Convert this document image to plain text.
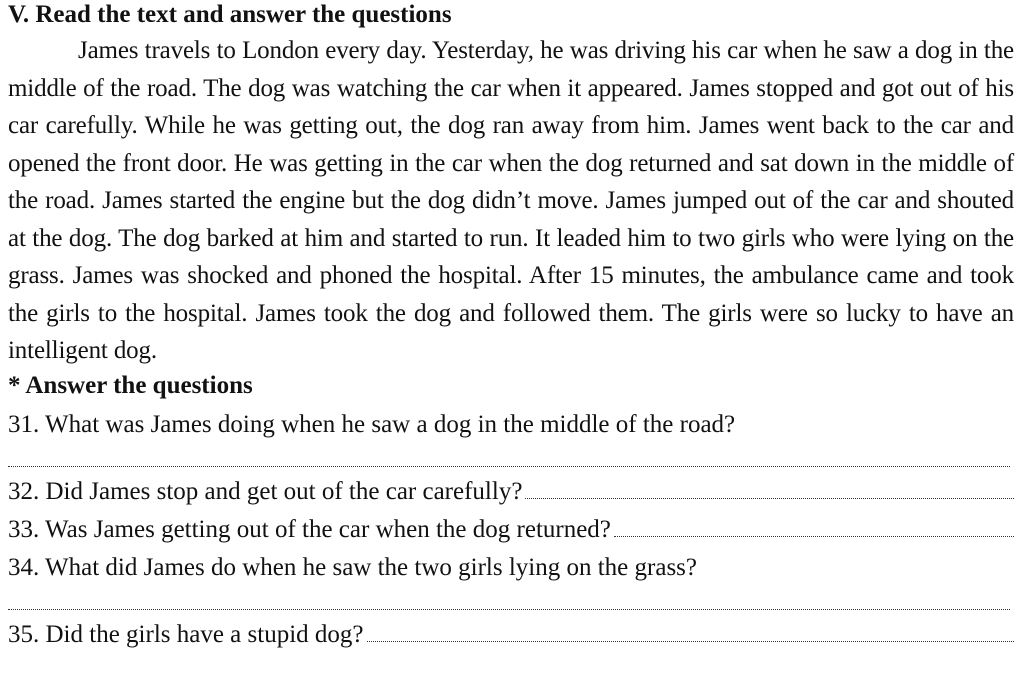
V. Read the text and answer the questions

James travels to London every day. Yesterday, he was driving his car when he saw a dog in the middle of the road. The dog was watching the car when it appeared. James stopped and got out of his car carefully. While he was getting out, the dog ran away from him. James went back to the car and opened the front door. He was getting in the car when the dog returned and sat down in the middle of the road. James started the engine but the dog didn’t move. James jumped out of the car and shouted at the dog. The dog barked at him and started to run. It leaded him to two girls who were lying on the grass. James was shocked and phoned the hospital. After 15 minutes, the ambulance came and took the girls to the hospital. James took the dog and followed them. The girls were so lucky to have an intelligent dog.

* Answer the questions
31. What was James doing when he saw a dog in the middle of the road?
32. Did James stop and get out of the car carefully?
33. Was James getting out of the car when the dog returned?
34. What did James do when he saw the two girls lying on the grass?
35. Did the girls have a stupid dog?
